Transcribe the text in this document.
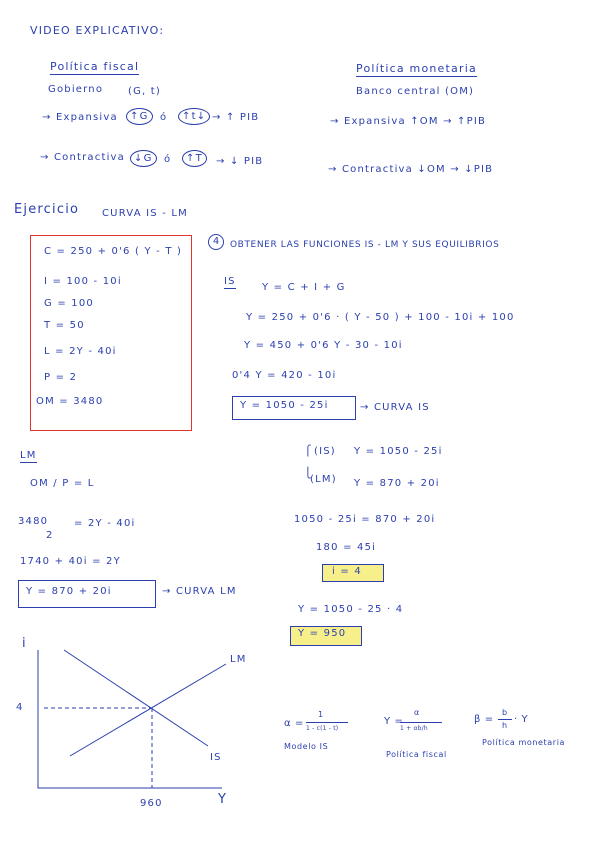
VIDEO EXPLICATIVO:
Política fiscal
Gobierno (G, t)
→ Expansiva	↑G	ó	↑t↓ → ↑ PIB
→ Contractiva ↓G	ó	↑T	→ ↓ PIB
Política monetaria
Banco central (OM)
→ Expansiva ↑OM → ↑PIB
→ Contractiva ↓OM → ↓PIB
Ejercicio CURVA IS - LM
C = 250 + 0'6 ( Y - T )
I = 100 - 10i
G = 100
T = 50
L = 2Y - 40i
P = 2
OM = 3480
4	OBTENER LAS FUNCIONES IS - LM Y SUS EQUILIBRIOS
IS
Y = C + I + G
Y = 250 + 0'6 · ( Y - 50 ) + 100 - 10i + 100
Y = 450 + 0'6 Y - 30 - 10i
0'4 Y = 420 - 10i
Y = 1050 - 25i	→ CURVA IS
LM
OM / P = L
3480
2
= 2Y - 40i
1740 + 40i = 2Y
Y = 870 + 20i	→ CURVA LM
⎧
⎩
(IS) Y = 1050 - 25i
(LM) Y = 870 + 20i
1050 - 25i = 870 + 20i
180 = 45i
i = 4
Y = 1050 - 25 · 4
Y = 950
i
Y
LM
IS
4
960
α =
1
1 - c(1 - t)
Modelo IS
Y =
α
1 + αb/h
Política fiscal
β =
b
h
· Y
Política monetaria
